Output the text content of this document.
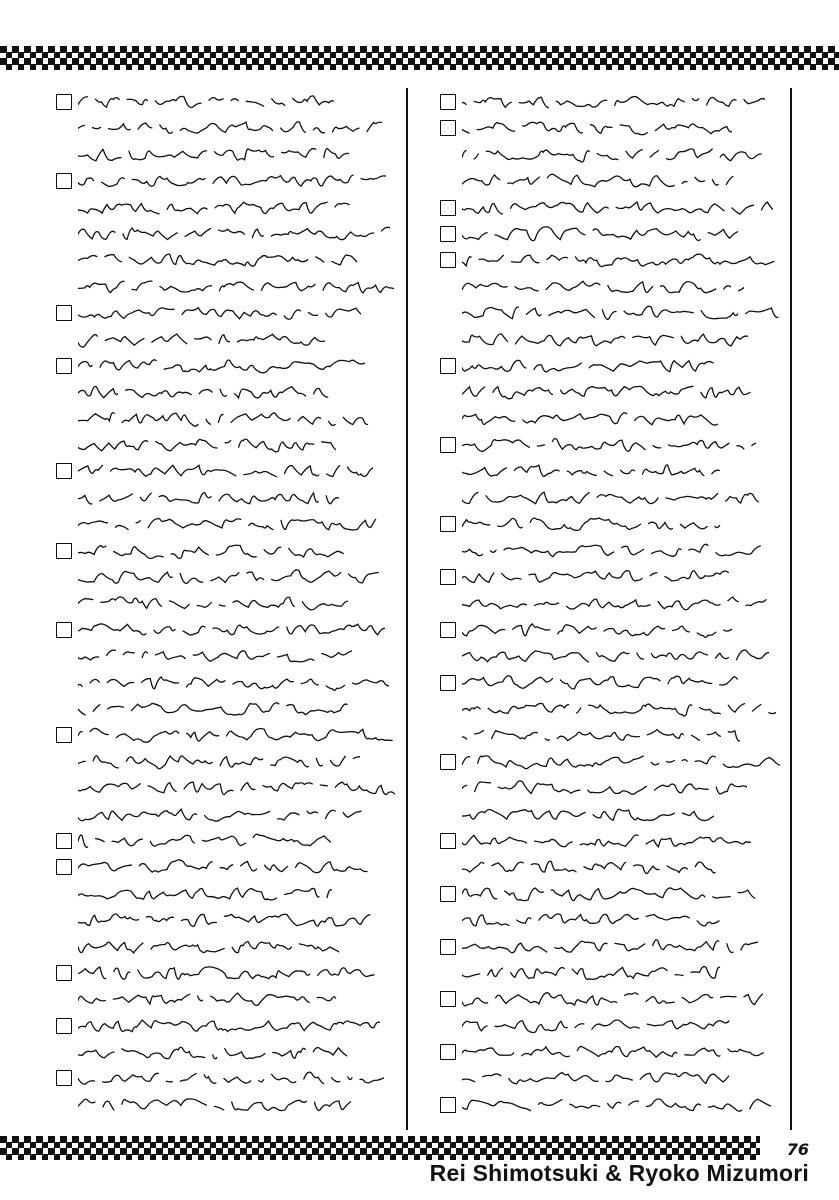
76
Rei Shimotsuki & Ryoko Mizumori
